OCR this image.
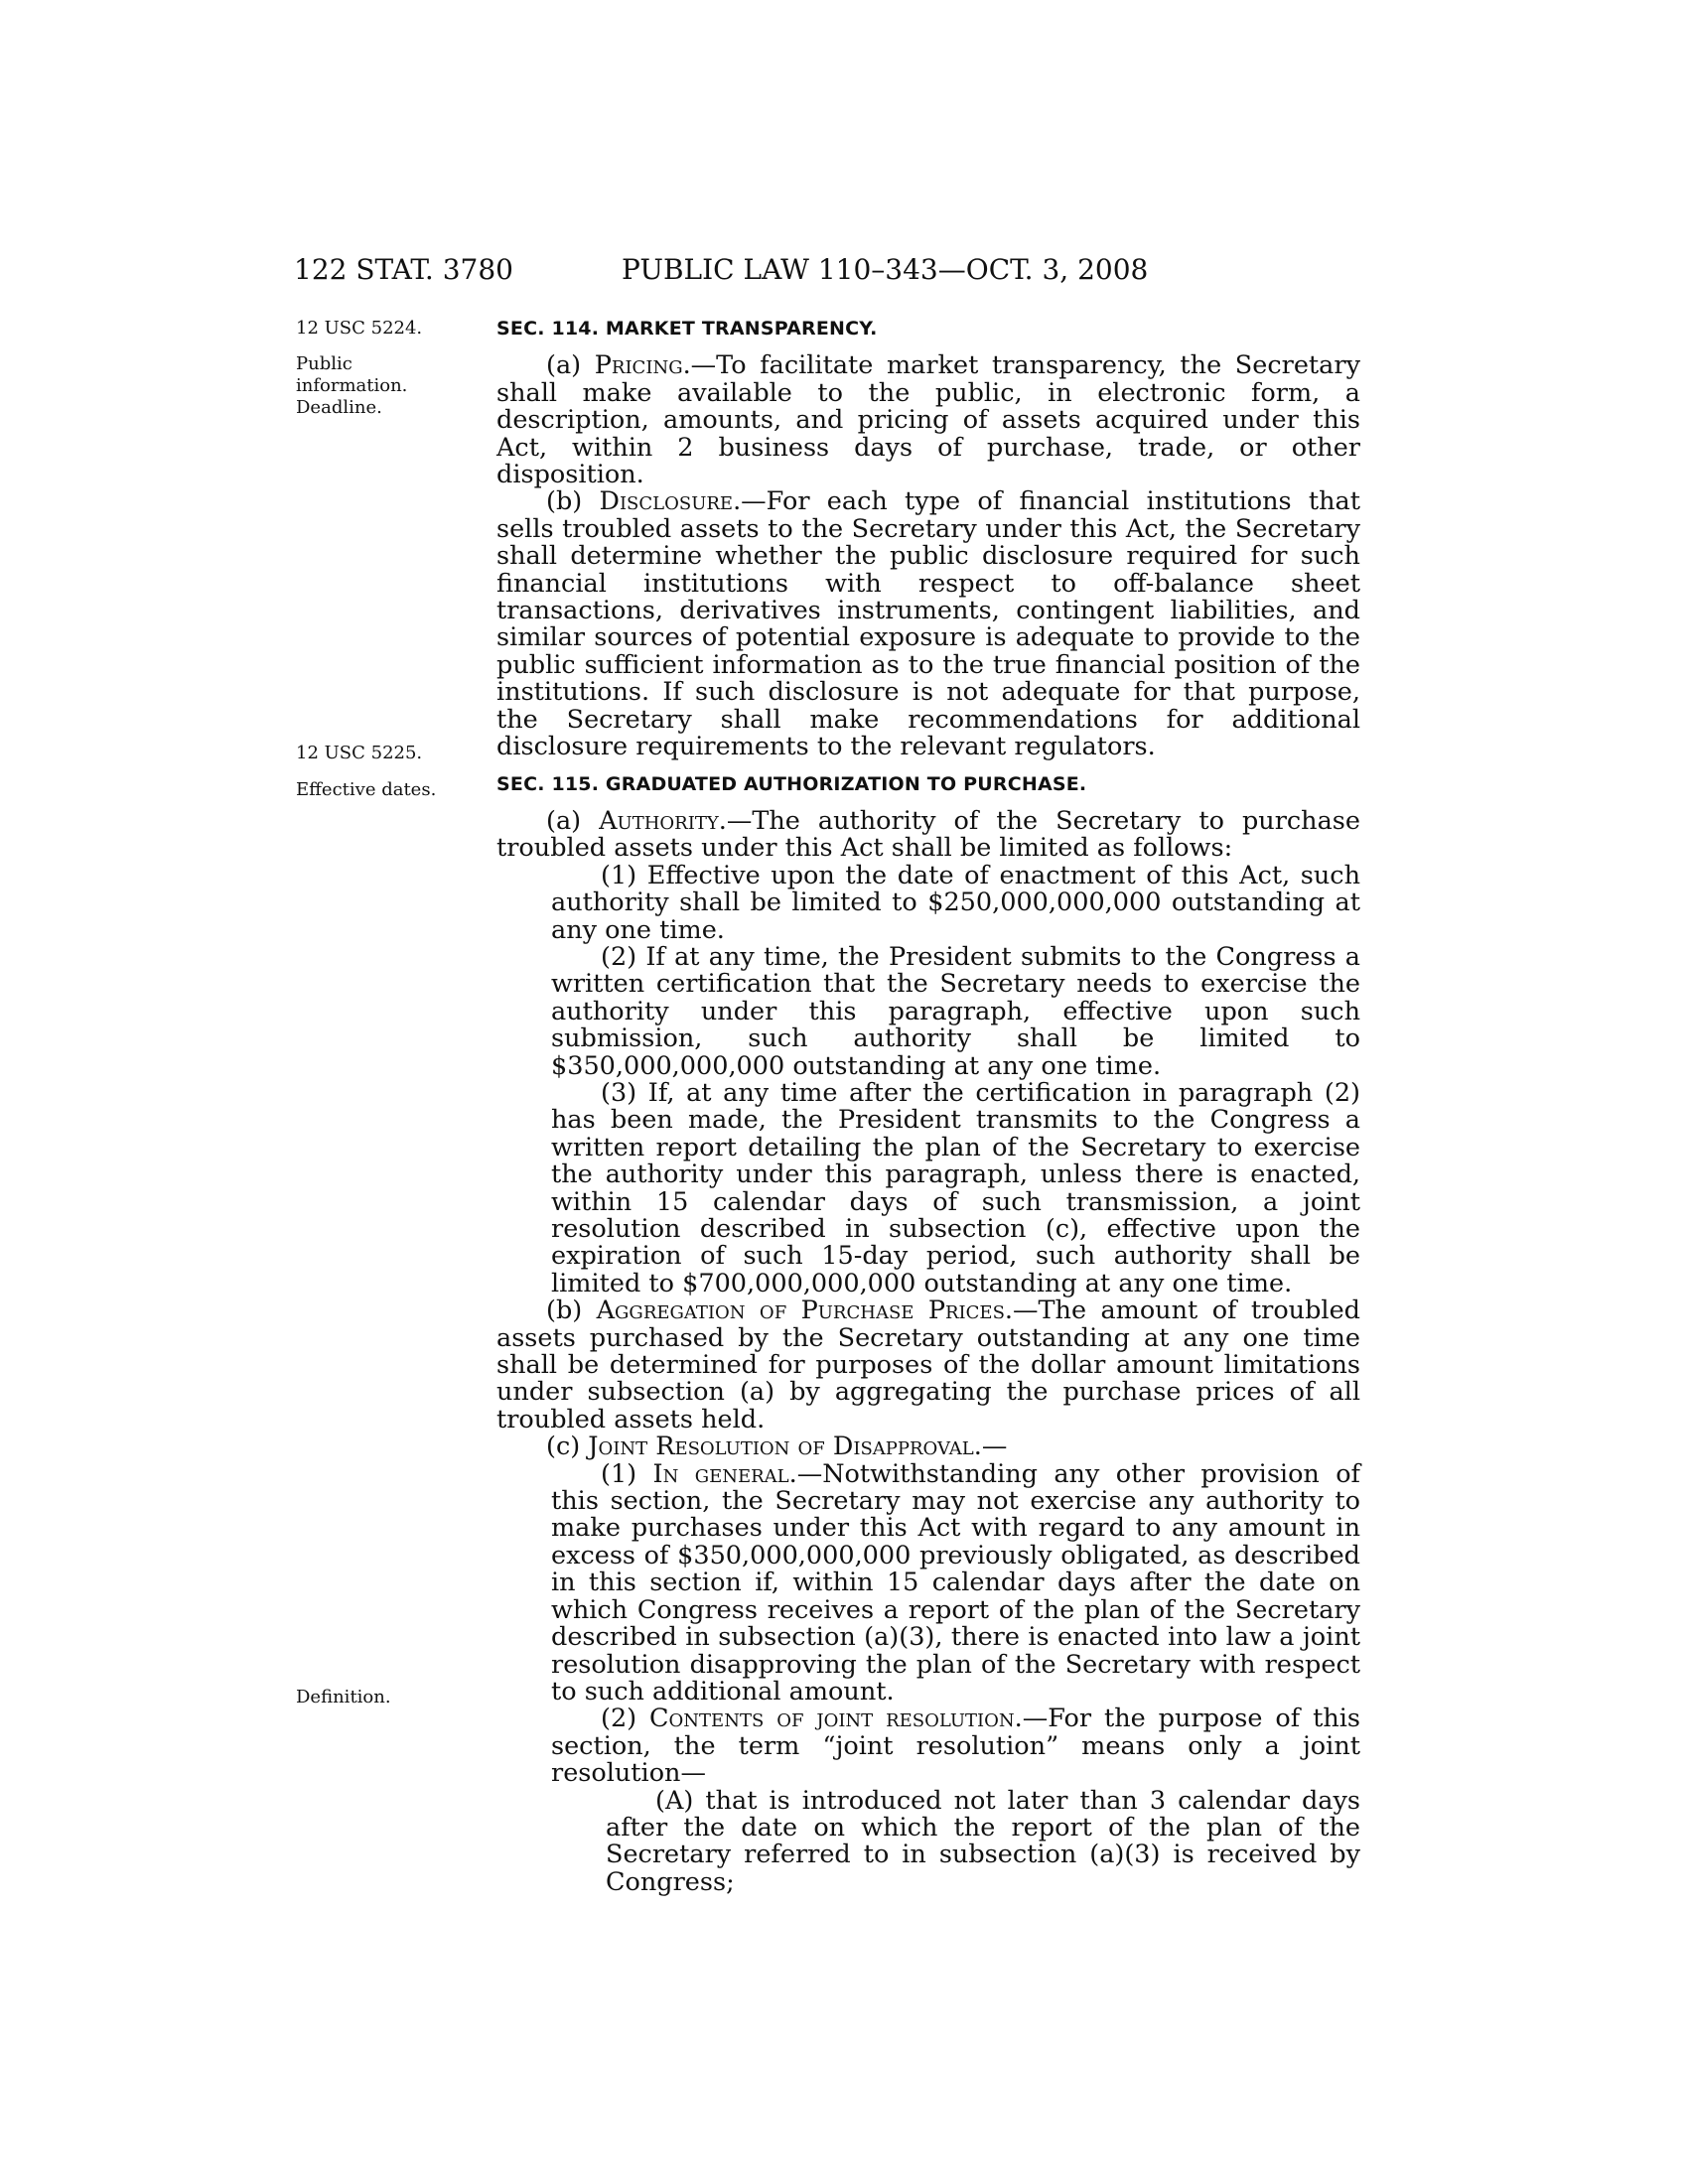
122 STAT. 3780	PUBLIC LAW 110–343—OCT. 3, 2008
12 USC 5224.
Public
information.
Deadline.
12 USC 5225.
Effective dates.
Definition.

SEC. 114. MARKET TRANSPARENCY.

(a) Pricing.—To facilitate market transparency, the Secretary shall make available to the public, in electronic form, a description, amounts, and pricing of assets acquired under this Act, within 2 business days of purchase, trade, or other disposition.

(b) Disclosure.—For each type of financial institutions that sells troubled assets to the Secretary under this Act, the Secretary shall determine whether the public disclosure required for such financial institutions with respect to off-balance sheet transactions, derivatives instruments, contingent liabilities, and similar sources of potential exposure is adequate to provide to the public sufficient information as to the true financial position of the institutions. If such disclosure is not adequate for that purpose, the Secretary shall make recommendations for additional disclosure requirements to the relevant regulators.

SEC. 115. GRADUATED AUTHORIZATION TO PURCHASE.

(a) Authority.—The authority of the Secretary to purchase troubled assets under this Act shall be limited as follows:

(1) Effective upon the date of enactment of this Act, such authority shall be limited to $250,000,000,000 outstanding at any one time.

(2) If at any time, the President submits to the Congress a written certification that the Secretary needs to exercise the authority under this paragraph, effective upon such submission, such authority shall be limited to $350,000,000,000 outstanding at any one time.

(3) If, at any time after the certification in paragraph (2) has been made, the President transmits to the Congress a written report detailing the plan of the Secretary to exercise the authority under this paragraph, unless there is enacted, within 15 calendar days of such transmission, a joint resolution described in subsection (c), effective upon the expiration of such 15-day period, such authority shall be limited to $700,000,000,000 outstanding at any one time.

(b) Aggregation of Purchase Prices.—The amount of troubled assets purchased by the Secretary outstanding at any one time shall be determined for purposes of the dollar amount limitations under subsection (a) by aggregating the purchase prices of all troubled assets held.

(c) Joint Resolution of Disapproval.—

(1) In general.—Notwithstanding any other provision of this section, the Secretary may not exercise any authority to make purchases under this Act with regard to any amount in excess of $350,000,000,000 previously obligated, as described in this section if, within 15 calendar days after the date on which Congress receives a report of the plan of the Secretary described in subsection (a)(3), there is enacted into law a joint resolution disapproving the plan of the Secretary with respect to such additional amount.

(2) Contents of joint resolution.—For the purpose of this section, the term “joint resolution” means only a joint resolution—

(A) that is introduced not later than 3 calendar days after the date on which the report of the plan of the Secretary referred to in subsection (a)(3) is received by Congress;
